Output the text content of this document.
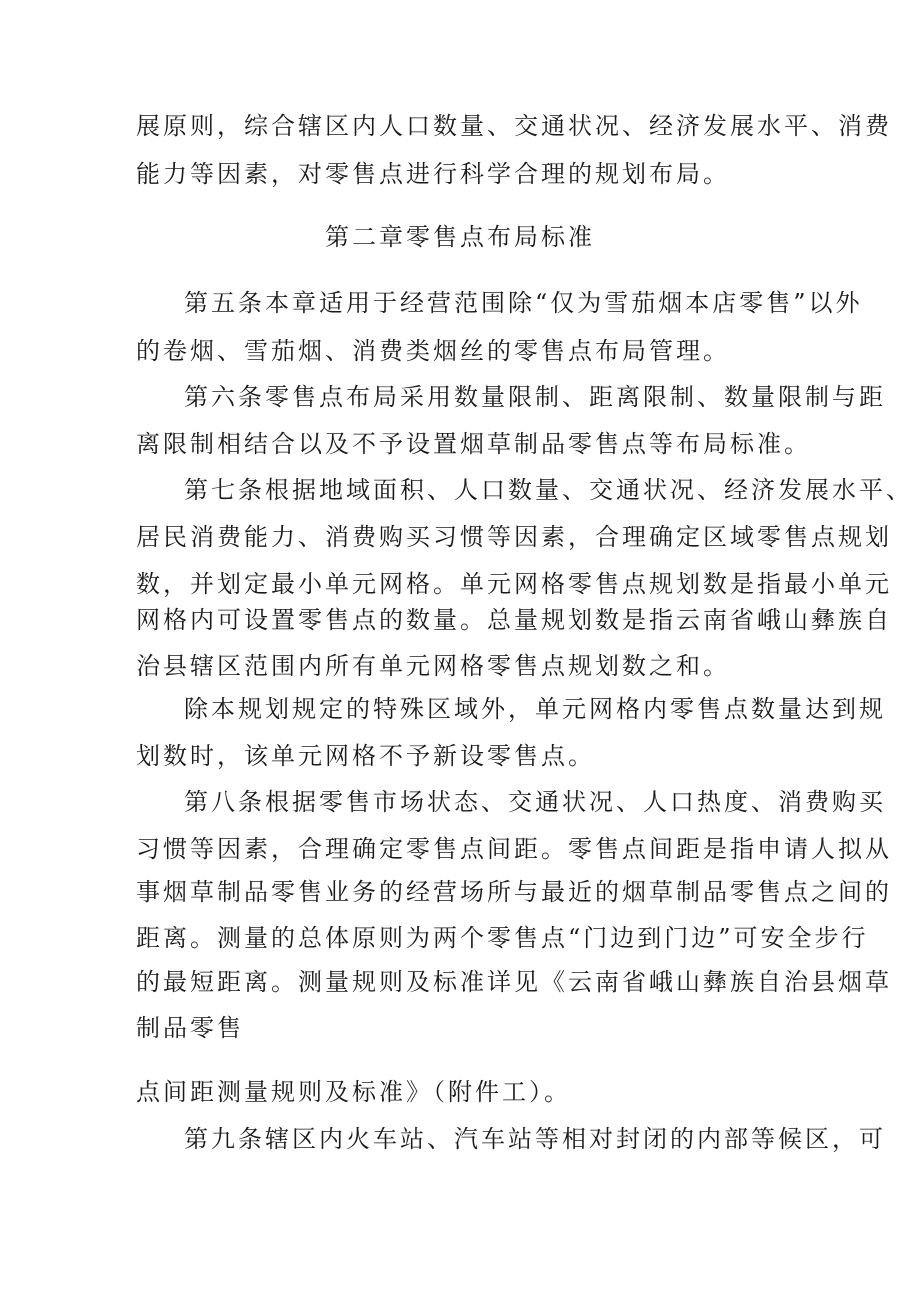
展原则，综合辖区内人口数量、交通状况、经济发展水平、消费
能力等因素，对零售点进行科学合理的规划布局。
第二章零售点布局标准
第五条本章适用于经营范围除“仅为雪茄烟本店零售”以外
的卷烟、雪茄烟、消费类烟丝的零售点布局管理。
第六条零售点布局采用数量限制、距离限制、数量限制与距
离限制相结合以及不予设置烟草制品零售点等布局标准。
第七条根据地域面积、人口数量、交通状况、经济发展水平、
居民消费能力、消费购买习惯等因素，合理确定区域零售点规划
数，并划定最小单元网格。单元网格零售点规划数是指最小单元
网格内可设置零售点的数量。总量规划数是指云南省峨山彝族自
治县辖区范围内所有单元网格零售点规划数之和。
除本规划规定的特殊区域外，单元网格内零售点数量达到规
划数时，该单元网格不予新设零售点。
第八条根据零售市场状态、交通状况、人口热度、消费购买
习惯等因素，合理确定零售点间距。零售点间距是指申请人拟从
事烟草制品零售业务的经营场所与最近的烟草制品零售点之间的
距离。测量的总体原则为两个零售点“门边到门边”可安全步行
的最短距离。测量规则及标准详见《云南省峨山彝族自治县烟草
制品零售
点间距测量规则及标准》（附件工）。
第九条辖区内火车站、汽车站等相对封闭的内部等候区，可
